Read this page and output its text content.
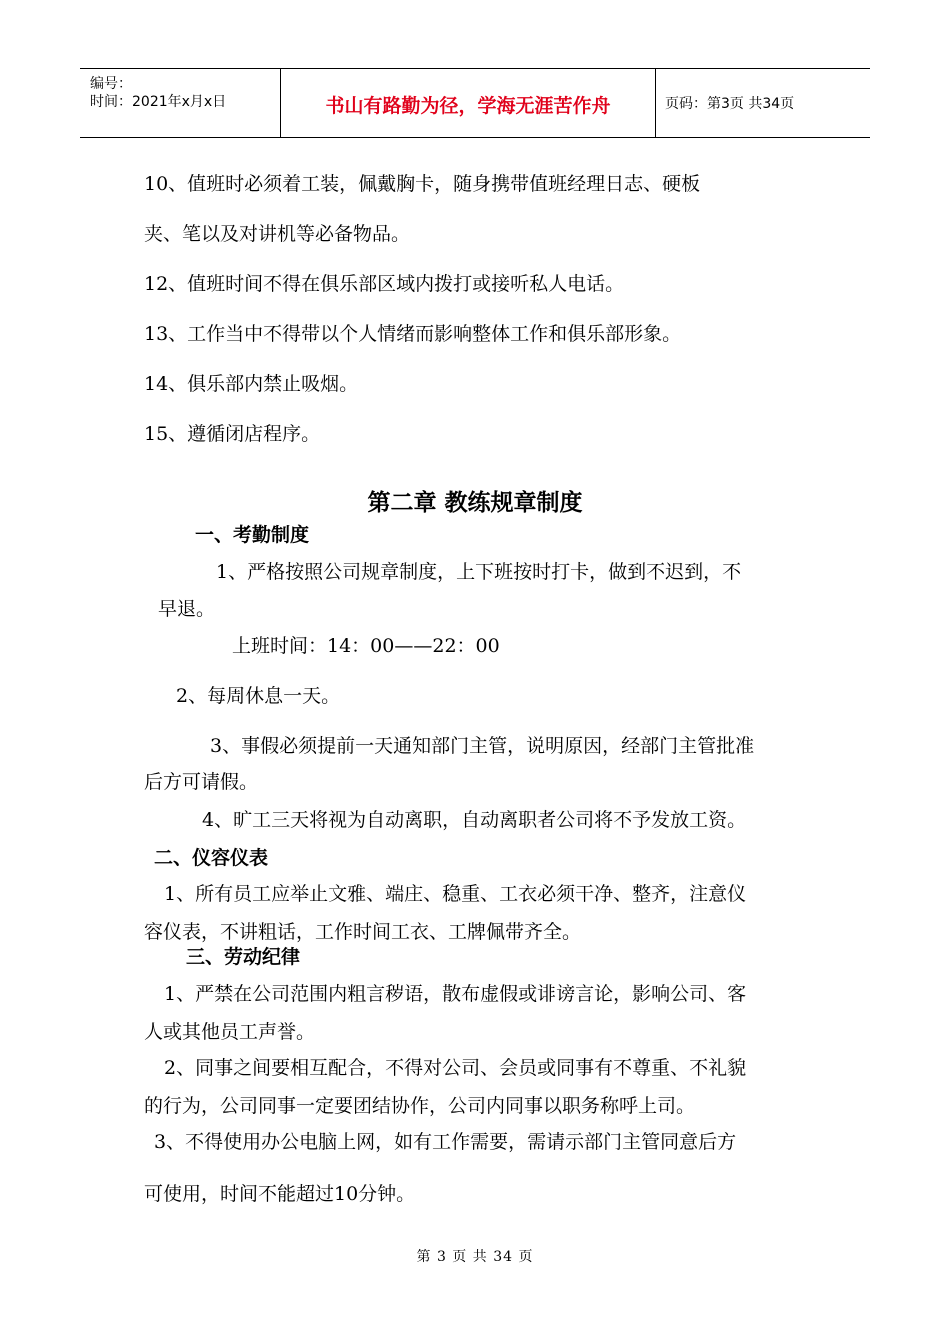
编号：
时间：2021年x月x日	书山有路勤为径，学海无涯苦作舟	页码：第3页 共34页
10、值班时必须着工装，佩戴胸卡，随身携带值班经理日志、硬板
夹、笔以及对讲机等必备物品。
12、值班时间不得在俱乐部区域内拨打或接听私人电话。
13、工作当中不得带以个人情绪而影响整体工作和俱乐部形象。
14、俱乐部内禁止吸烟。
15、遵循闭店程序。
第二章 教练规章制度
一、考勤制度
1、严格按照公司规章制度，上下班按时打卡，做到不迟到，不
早退。
上班时间：14：00——22：00
2、每周休息一天。
3、事假必须提前一天通知部门主管，说明原因，经部门主管批准
后方可请假。
4、旷工三天将视为自动离职，自动离职者公司将不予发放工资。
二、仪容仪表
1、所有员工应举止文雅、端庄、稳重、工衣必须干净、整齐，注意仪
容仪表，不讲粗话，工作时间工衣、工牌佩带齐全。
三、劳动纪律
1、严禁在公司范围内粗言秽语，散布虚假或诽谤言论，影响公司、客
人或其他员工声誉。
2、同事之间要相互配合，不得对公司、会员或同事有不尊重、不礼貌
的行为，公司同事一定要团结协作，公司内同事以职务称呼上司。
3、不得使用办公电脑上网，如有工作需要，需请示部门主管同意后方
可使用，时间不能超过10分钟。
第 3 页 共 34 页
